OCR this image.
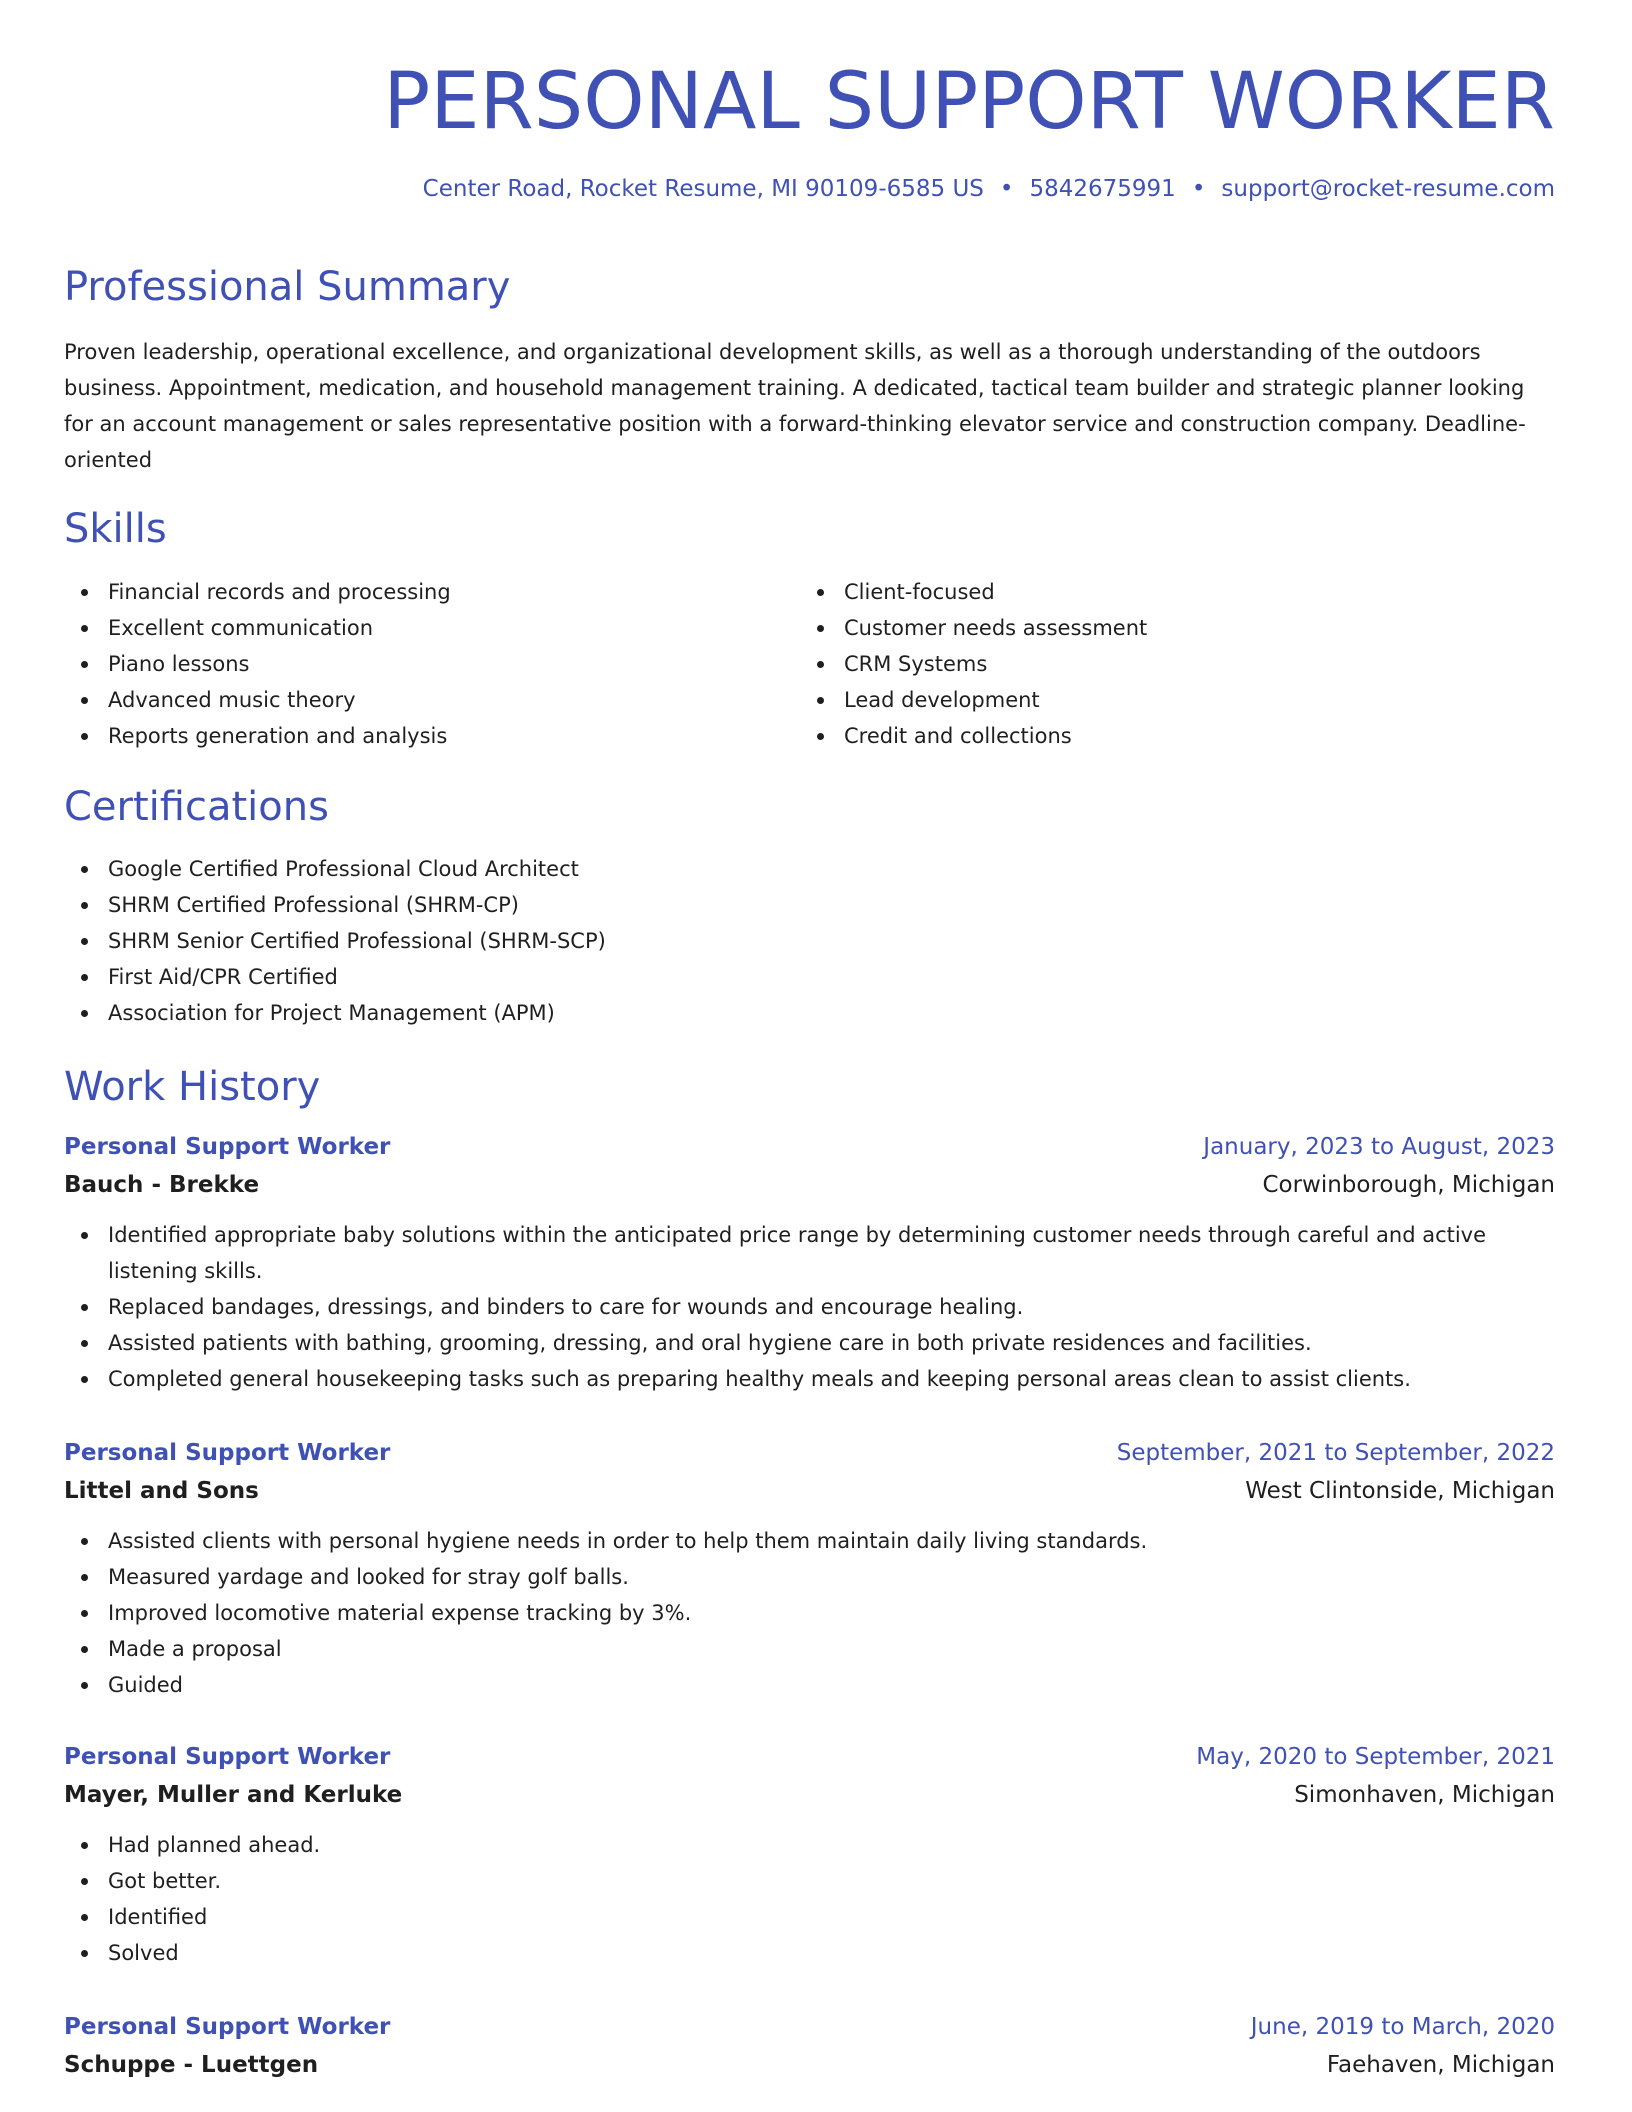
PERSONAL SUPPORT WORKER
Center Road, Rocket Resume, MI 90109-6585 US • 5842675991 • support@rocket-resume.com
Professional Summary
Proven leadership, operational excellence, and organizational development skills, as well as a thorough understanding of the outdoors business. Appointment, medication, and household management training. A dedicated, tactical team builder and strategic planner looking for an account management or sales representative position with a forward-thinking elevator service and construction company. Deadline-oriented
Skills
Financial records and processing
Excellent communication
Piano lessons
Advanced music theory
Reports generation and analysis
Client-focused
Customer needs assessment
CRM Systems
Lead development
Credit and collections
Certifications
Google Certified Professional Cloud Architect
SHRM Certified Professional (SHRM-CP)
SHRM Senior Certified Professional (SHRM-SCP)
First Aid/CPR Certified
Association for Project Management (APM)
Work History
Personal Support Worker	January, 2023 to August, 2023
Bauch - Brekke	Corwinborough, Michigan
Identified appropriate baby solutions within the anticipated price range by determining customer needs through careful and active listening skills.
Replaced bandages, dressings, and binders to care for wounds and encourage healing.
Assisted patients with bathing, grooming, dressing, and oral hygiene care in both private residences and facilities.
Completed general housekeeping tasks such as preparing healthy meals and keeping personal areas clean to assist clients.
Personal Support Worker	September, 2021 to September, 2022
Littel and Sons	West Clintonside, Michigan
Assisted clients with personal hygiene needs in order to help them maintain daily living standards.
Measured yardage and looked for stray golf balls.
Improved locomotive material expense tracking by 3%.
Made a proposal
Guided
Personal Support Worker	May, 2020 to September, 2021
Mayer, Muller and Kerluke	Simonhaven, Michigan
Had planned ahead.
Got better.
Identified
Solved
Personal Support Worker	June, 2019 to March, 2020
Schuppe - Luettgen	Faehaven, Michigan
